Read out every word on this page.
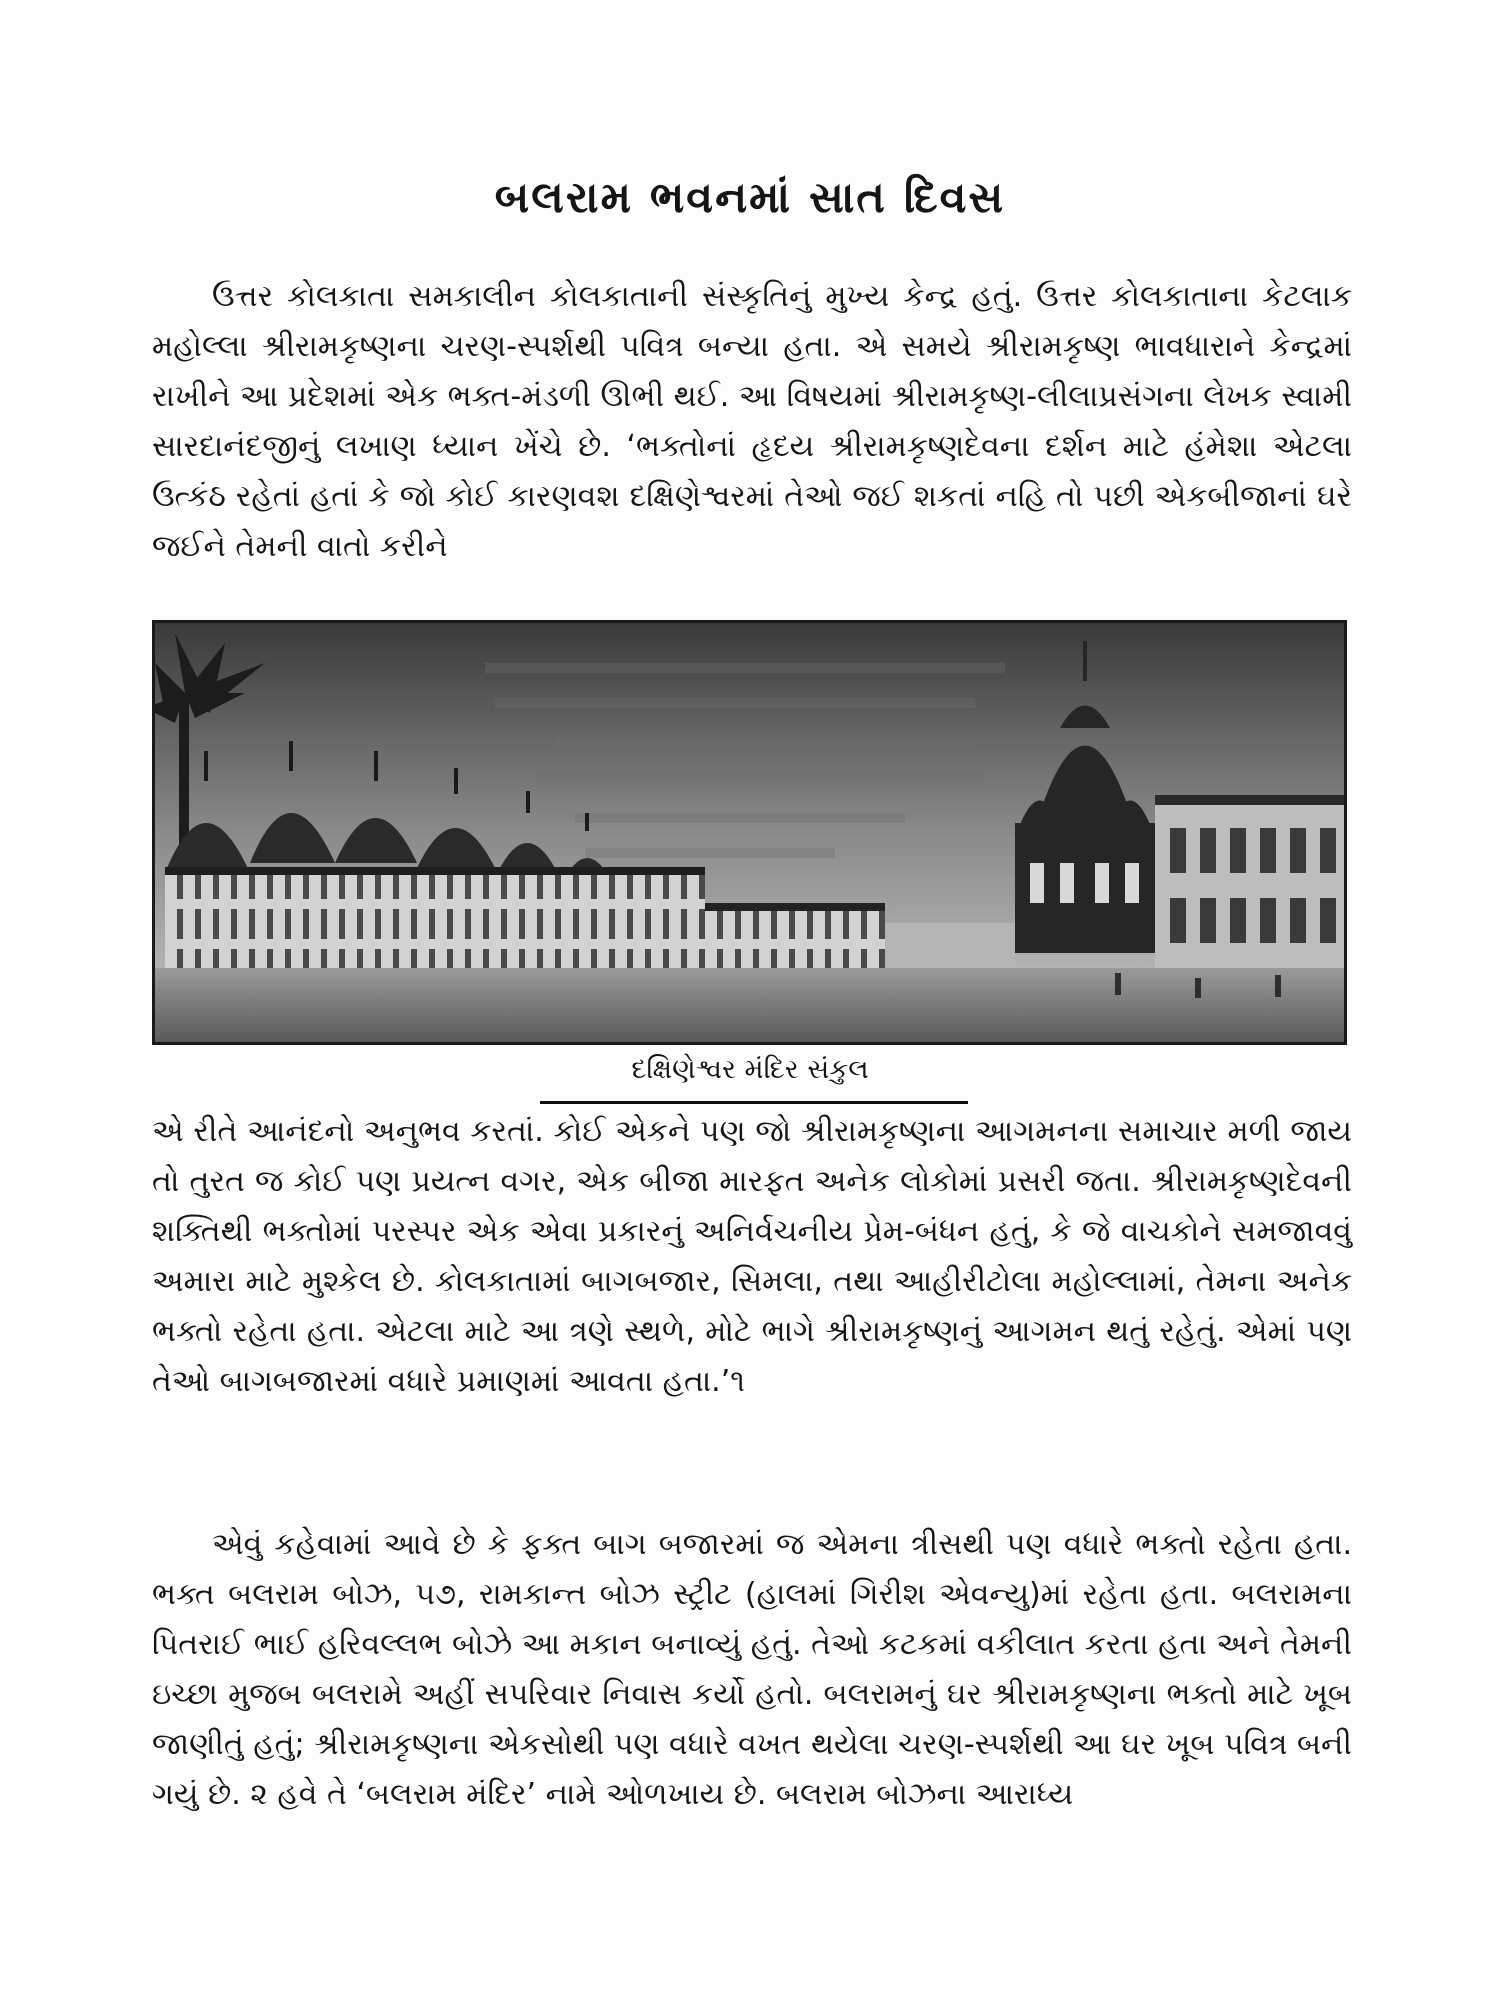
બલરામ ભવનમાં સાત દિવસ

ઉત્તર કોલકાતા સમકાલીન કોલકાતાની સંસ્કૃતિનું મુખ્ય કેન્દ્ર હતું. ઉત્તર કોલકાતાના કેટલાક મહોલ્લા શ્રીરામકૃષ્ણના ચરણ-સ્પર્શથી પવિત્ર બન્યા હતા. એ સમયે શ્રીરામકૃષ્ણ ભાવધારાને કેન્દ્રમાં રાખીને આ પ્રદેશમાં એક ભક્ત-મંડળી ઊભી થઈ. આ વિષયમાં શ્રીરામકૃષ્ણ-લીલાપ્રસંગના લેખક સ્વામી સારદાનંદજીનું લખાણ ધ્યાન ખેંચે છે. ‘ભક્તોનાં હૃદય શ્રીરામકૃષ્ણદેવના દર્શન માટે હંમેશા એટલા ઉત્કંઠ રહેતાં હતાં કે જો કોઈ કારણવશ દક્ષિણેશ્વરમાં તેઓ જઈ શકતાં નહિ તો પછી એકબીજાનાં ઘરે જઈને તેમની વાતો કરીને

દક્ષિણેશ્વર મંદિર સંકુલ

એ રીતે આનંદનો અનુભવ કરતાં. કોઈ એકને પણ જો શ્રીરામકૃષ્ણના આગમનના સમાચાર મળી જાય તો તુરત જ કોઈ પણ પ્રયત્ન વગર, એક બીજા મારફત અનેક લોકોમાં પ્રસરી જતા. શ્રીરામકૃષ્ણદેવની શક્તિથી ભક્તોમાં પરસ્પર એક એવા પ્રકારનું અનિર્વચનીય પ્રેમ-બંધન હતું, કે જે વાચકોને સમજાવવું અમારા માટે મુશ્કેલ છે. કોલકાતામાં બાગબજાર, સિમલા, તથા આહીરીટોલા મહોલ્લામાં, તેમના અનેક ભક્તો રહેતા હતા. એટલા માટે આ ત્રણે સ્થળે, મોટે ભાગે શ્રીરામકૃષ્ણનું આગમન થતું રહેતું. એમાં પણ તેઓ બાગબજારમાં વધારે પ્રમાણમાં આવતા હતા.’૧

એવું કહેવામાં આવે છે કે ફક્ત બાગ બજારમાં જ એમના ત્રીસથી પણ વધારે ભક્તો રહેતા હતા. ભક્ત બલરામ બોઝ, ૫૭, રામકાન્ત બોઝ સ્ટ્રીટ (હાલમાં ગિરીશ એવન્યુ)માં રહેતા હતા. બલરામના પિતરાઈ ભાઈ હરિવલ્લભ બોઝે આ મકાન બનાવ્યું હતું. તેઓ કટકમાં વકીલાત કરતા હતા અને તેમની ઇચ્છા મુજબ બલરામે અહીં સપરિવાર નિવાસ કર્યો હતો. બલરામનું ઘર શ્રીરામકૃષ્ણના ભક્તો માટે ખૂબ જાણીતું હતું; શ્રીરામકૃષ્ણના એકસોથી પણ વધારે વખત થયેલા ચરણ-સ્પર્શથી આ ઘર ખૂબ પવિત્ર બની ગયું છે. ૨ હવે તે ‘બલરામ મંદિર’ નામે ઓળખાય છે. બલરામ બોઝના આરાધ્ય
